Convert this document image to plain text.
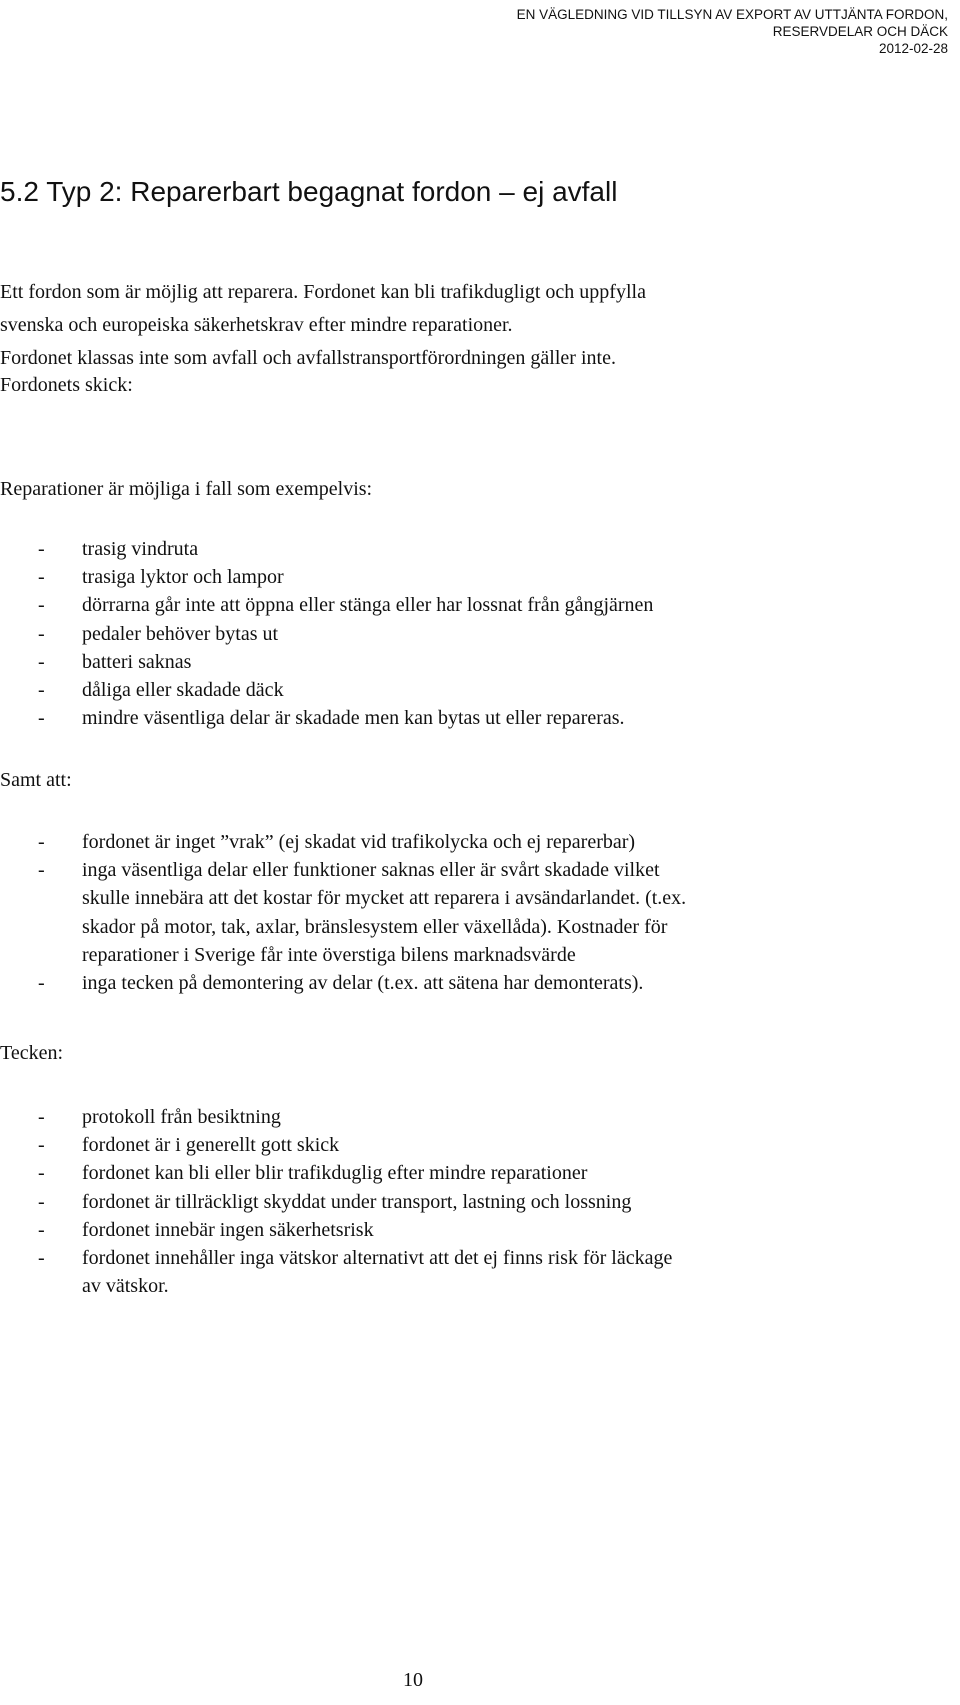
EN VÄGLEDNING VID TILLSYN AV EXPORT AV UTTJÄNTA FORDON,
RESERVDELAR OCH DÄCK
2012-02-28
5.2 Typ 2: Reparerbart begagnat fordon – ej avfall
Ett fordon som är möjlig att reparera. Fordonet kan bli trafikdugligt och uppfylla
svenska och europeiska säkerhetskrav efter mindre reparationer.
Fordonet klassas inte som avfall och avfallstransportförordningen gäller inte.
Fordonets skick:
Reparationer är möjliga i fall som exempelvis:
- trasig vindruta
- trasiga lyktor och lampor
- dörrarna går inte att öppna eller stänga eller har lossnat från gångjärnen
- pedaler behöver bytas ut
- batteri saknas
- dåliga eller skadade däck
- mindre väsentliga delar är skadade men kan bytas ut eller repareras.
Samt att:
- fordonet är inget ”vrak” (ej skadat vid trafikolycka och ej reparerbar)
- inga väsentliga delar eller funktioner saknas eller är svårt skadade vilket
skulle innebära att det kostar för mycket att reparera i avsändarlandet. (t.ex.
skador på motor, tak, axlar, bränslesystem eller växellåda). Kostnader för
reparationer i Sverige får inte överstiga bilens marknadsvärde
- inga tecken på demontering av delar (t.ex. att sätena har demonterats).
Tecken:
- protokoll från besiktning
- fordonet är i generellt gott skick
- fordonet kan bli eller blir trafikduglig efter mindre reparationer
- fordonet är tillräckligt skyddat under transport, lastning och lossning
- fordonet innebär ingen säkerhetsrisk
- fordonet innehåller inga vätskor alternativt att det ej finns risk för läckage
av vätskor.
10
